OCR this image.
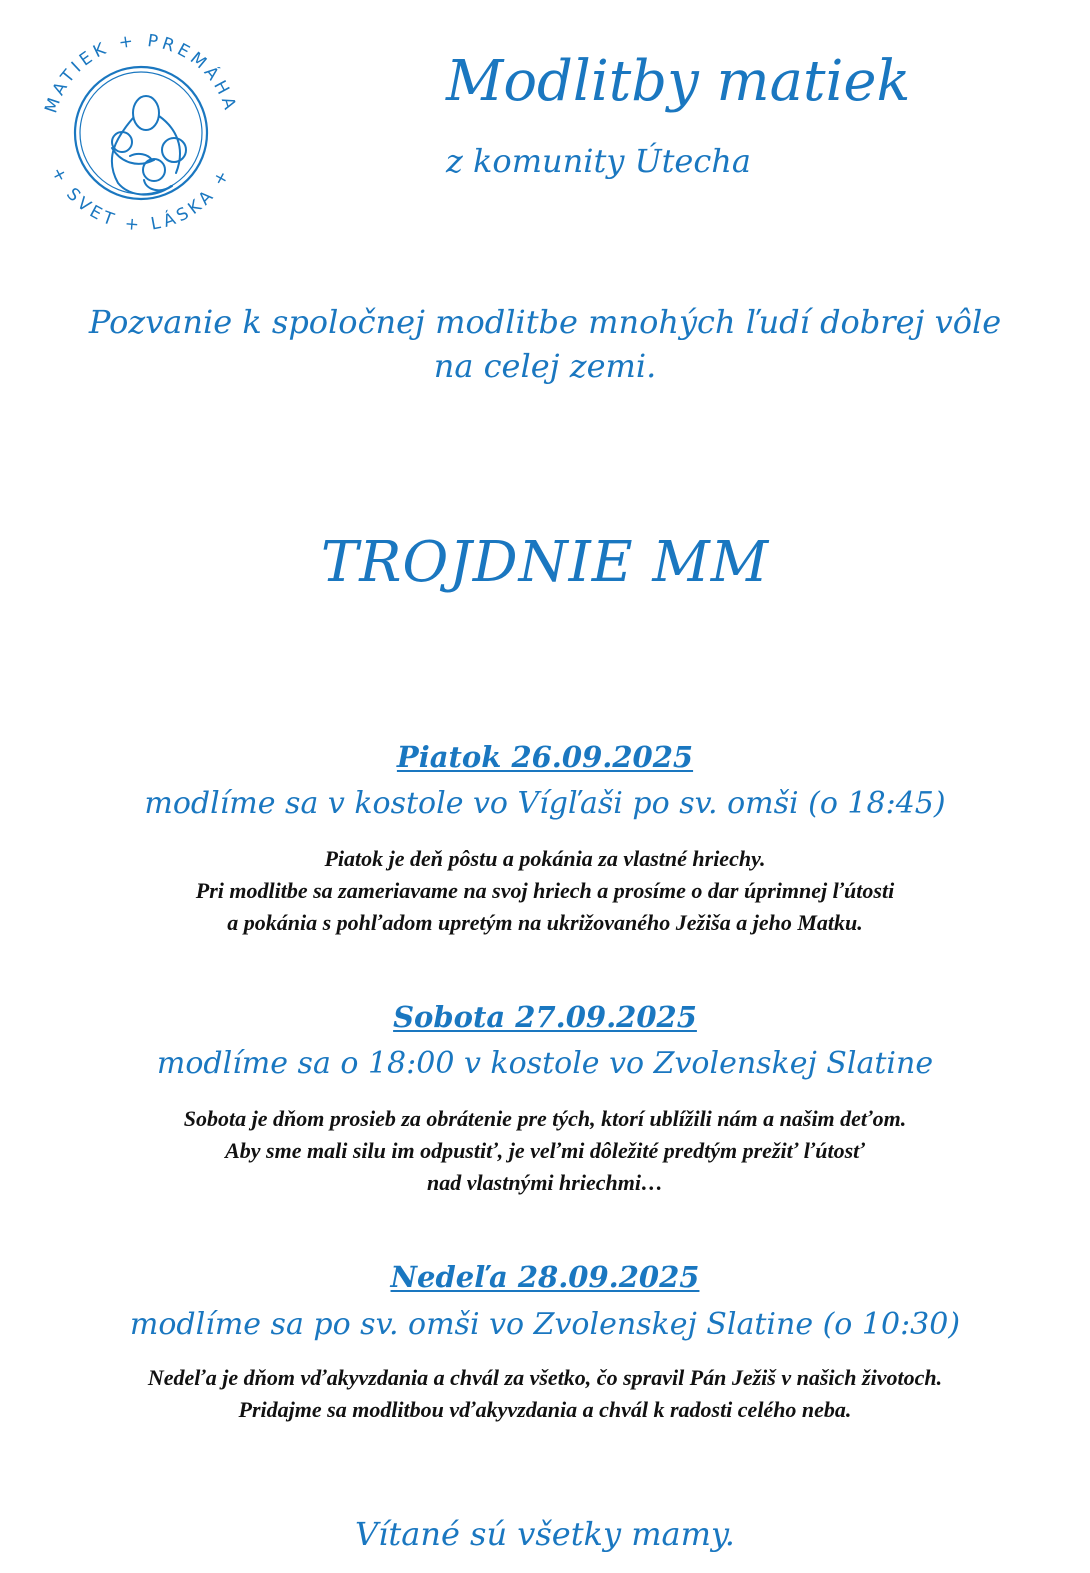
MATIEK + PREMÁHA
+ SVET + LÁSKA +
Modlitby matiek
z komunity Útecha
Pozvanie k spoločnej modlitbe mnohých ľudí dobrej vôle
na celej zemi.
TROJDNIE MM
Piatok 26.09.2025
modlíme sa v kostole vo Vígľaši po sv. omši (o 18:45)
Piatok je deň pôstu a pokánia za vlastné hriechy.
Pri modlitbe sa zameriavame na svoj hriech a prosíme o dar úprimnej ľútosti
a pokánia s pohľadom upretým na ukrižovaného Ježiša a jeho Matku.
Sobota 27.09.2025
modlíme sa o 18:00 v kostole vo Zvolenskej Slatine
Sobota je dňom prosieb za obrátenie pre tých, ktorí ublížili nám a našim deťom.
Aby sme mali silu im odpustiť, je veľmi dôležité predtým prežiť ľútosť
nad vlastnými hriechmi…
Nedeľa 28.09.2025
modlíme sa po sv. omši vo Zvolenskej Slatine (o 10:30)
Nedeľa je dňom vďakyvzdania a chvál za všetko, čo spravil Pán Ježiš v našich životoch.
Pridajme sa modlitbou vďakyvzdania a chvál k radosti celého neba.
Vítané sú všetky mamy.
